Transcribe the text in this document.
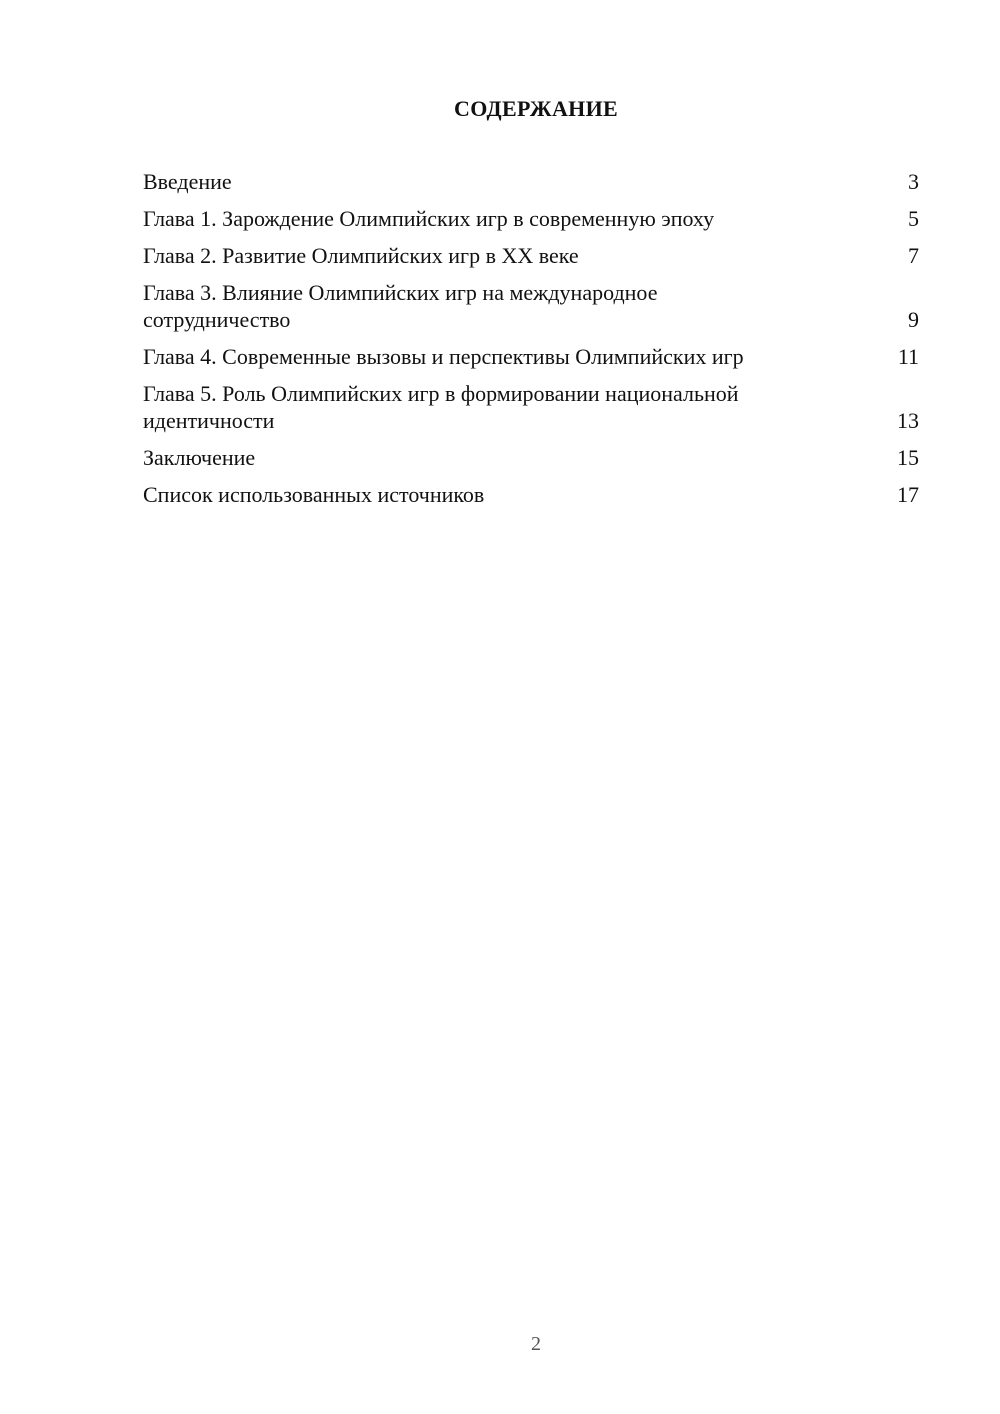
СОДЕРЖАНИЕ
Введение	3
Глава 1. Зарождение Олимпийских игр в современную эпоху	5
Глава 2. Развитие Олимпийских игр в XX веке	7
Глава 3. Влияние Олимпийских игр на международное
сотрудничество	9
Глава 4. Современные вызовы и перспективы Олимпийских игр	11
Глава 5. Роль Олимпийских игр в формировании национальной
идентичности	13
Заключение	15
Список использованных источников	17
2
